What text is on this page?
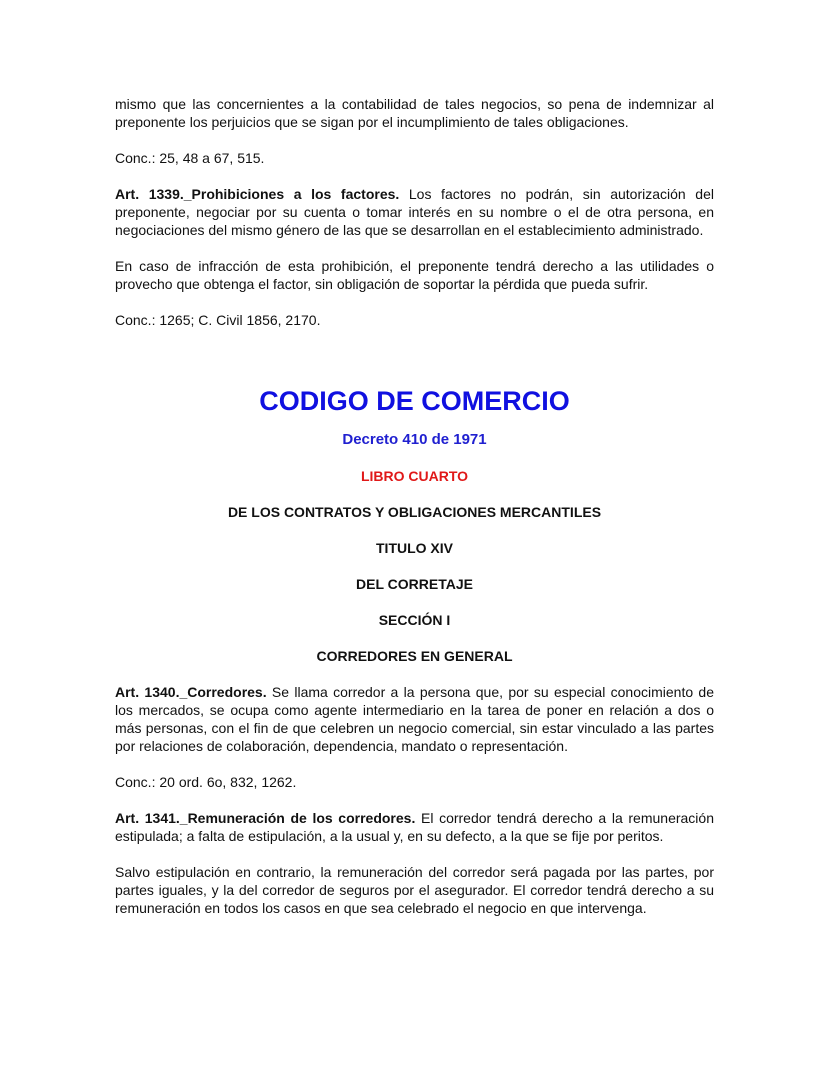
mismo que las concernientes a la contabilidad de tales negocios, so pena de indemnizar al preponente los perjuicios que se sigan por el incumplimiento de tales obligaciones.

Conc.: 25, 48 a 67, 515.

Art. 1339._Prohibiciones a los factores. Los factores no podrán, sin autorización del preponente, negociar por su cuenta o tomar interés en su nombre o el de otra persona, en negociaciones del mismo género de las que se desarrollan en el establecimiento administrado.

En caso de infracción de esta prohibición, el preponente tendrá derecho a las utilidades o provecho que obtenga el factor, sin obligación de soportar la pérdida que pueda sufrir.

Conc.: 1265; C. Civil 1856, 2170.

CODIGO DE COMERCIO
Decreto 410 de 1971
LIBRO CUARTO
DE LOS CONTRATOS Y OBLIGACIONES MERCANTILES
TITULO XIV
DEL CORRETAJE
SECCIÓN I
CORREDORES EN GENERAL

Art. 1340._Corredores. Se llama corredor a la persona que, por su especial conocimiento de los mercados, se ocupa como agente intermediario en la tarea de poner en relación a dos o más personas, con el fin de que celebren un negocio comercial, sin estar vinculado a las partes por relaciones de colaboración, dependencia, mandato o representación.

Conc.: 20 ord. 6o, 832, 1262.

Art. 1341._Remuneración de los corredores. El corredor tendrá derecho a la remuneración estipulada; a falta de estipulación, a la usual y, en su defecto, a la que se fije por peritos.

Salvo estipulación en contrario, la remuneración del corredor será pagada por las partes, por partes iguales, y la del corredor de seguros por el asegurador. El corredor tendrá derecho a su remuneración en todos los casos en que sea celebrado el negocio en que intervenga.
